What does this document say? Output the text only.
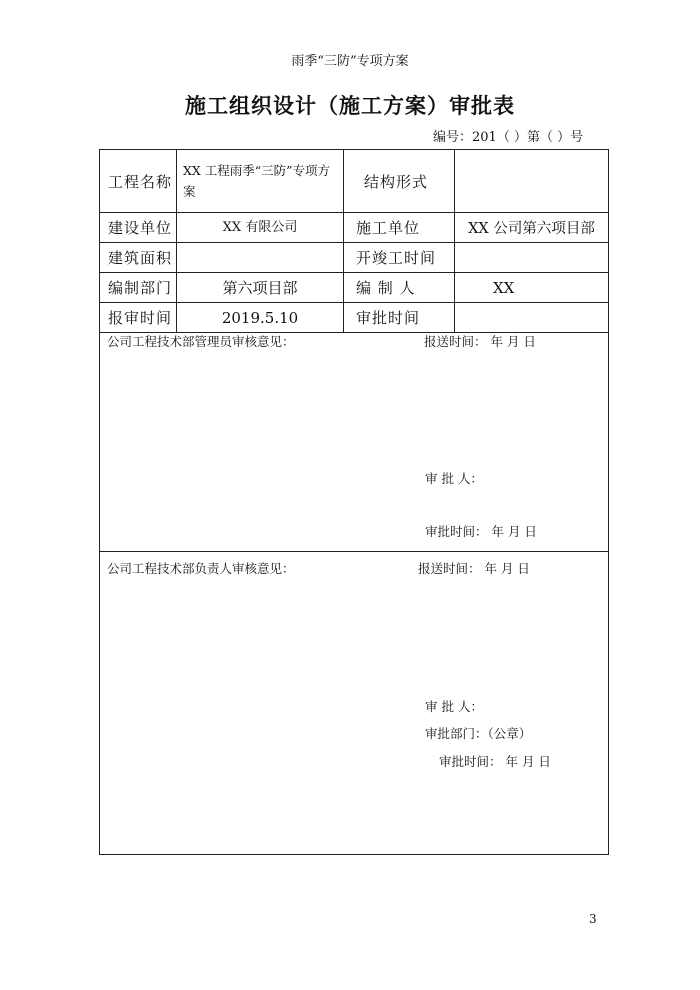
雨季“三防”专项方案
施工组织设计（施工方案）审批表
编号：201（ ）第（ ）号
工程名称	XX 工程雨季“三防”专项方案	结构形式	
建设单位	XX 有限公司	施工单位	XX 公司第六项目部
建筑面积		开竣工时间	
编制部门	第六项目部	编 制 人	XX
报审时间	2019.5.10	审批时间	

公司工程技术部管理员审核意见： 报送时间： 年 月 日
审 批 人：
审批时间： 年 月 日			

公司工程技术部负责人审核意见： 报送时间： 年 月 日
审 批 人：
审批部门：（公章）
审批时间： 年 月 日			
3
